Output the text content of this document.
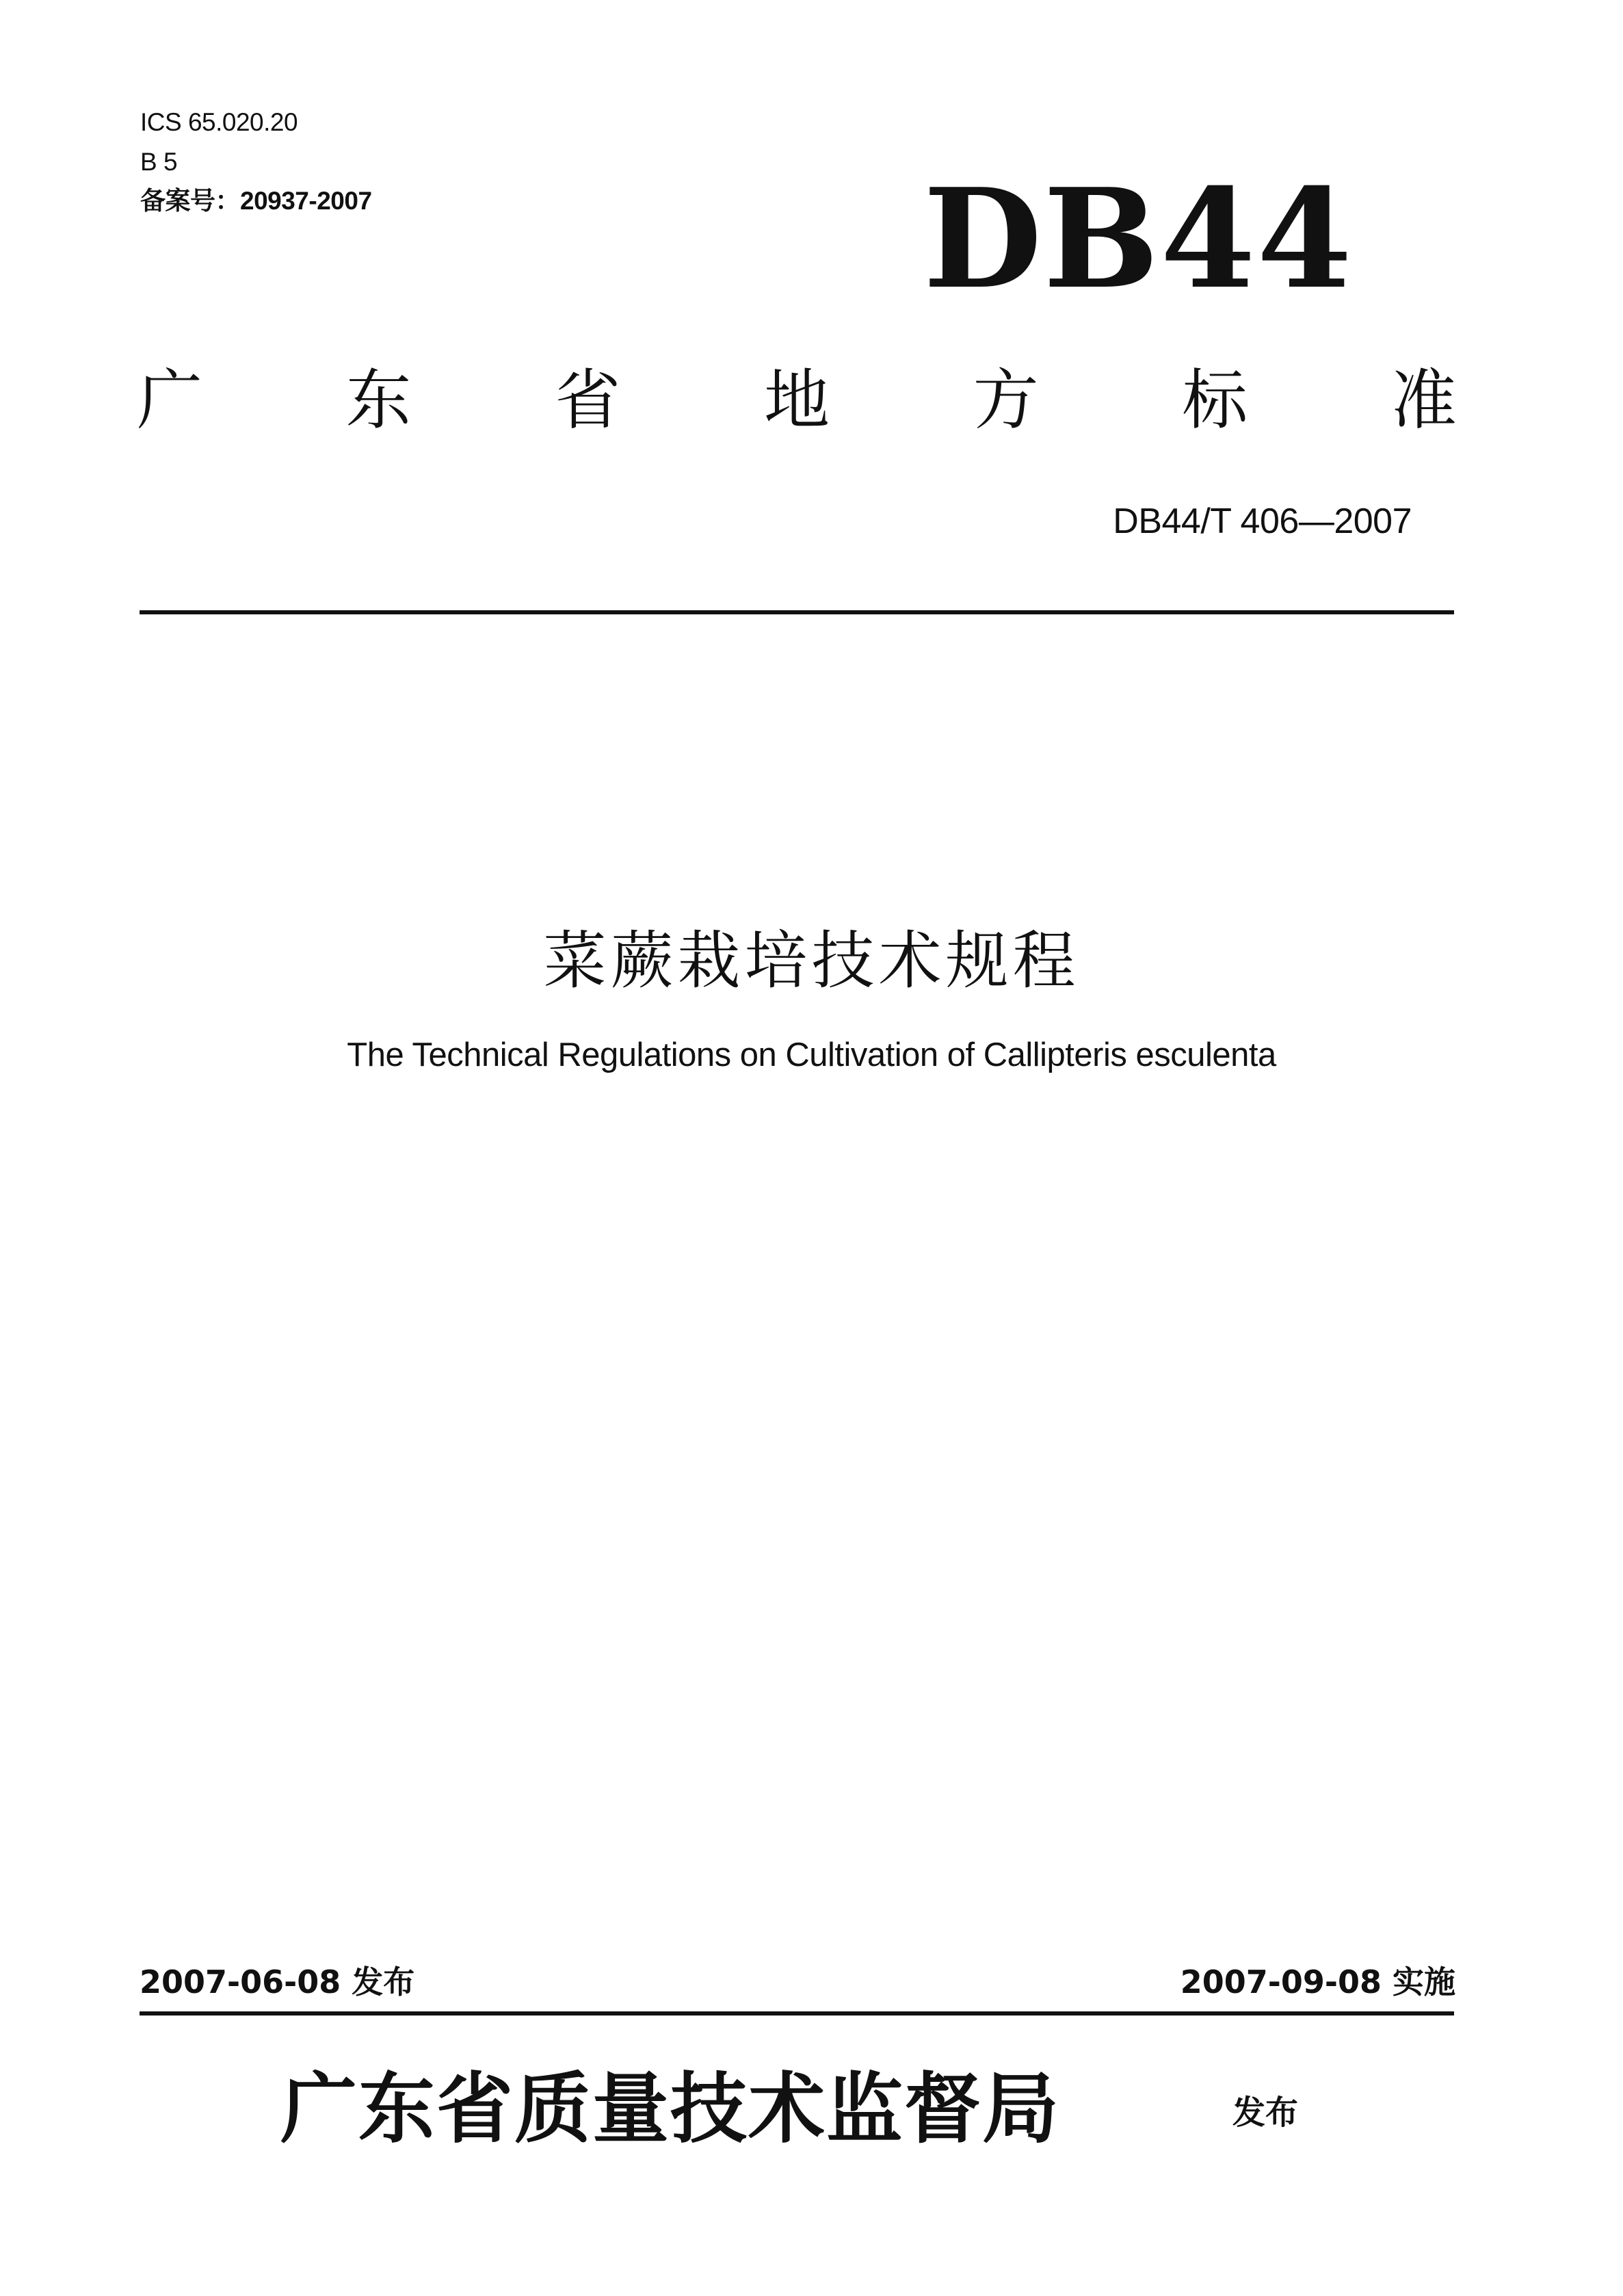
ICS 65.020.20
B 5
备案号：20937-2007	DB44
广 东 省 地 方 标 准
DB44/T 406—2007
菜蕨栽培技术规程
The Technical Regulations on Cultivation of Callipteris esculenta
2007-06-08 发布	2007-09-08 实施
广东省质量技术监督局	发布
